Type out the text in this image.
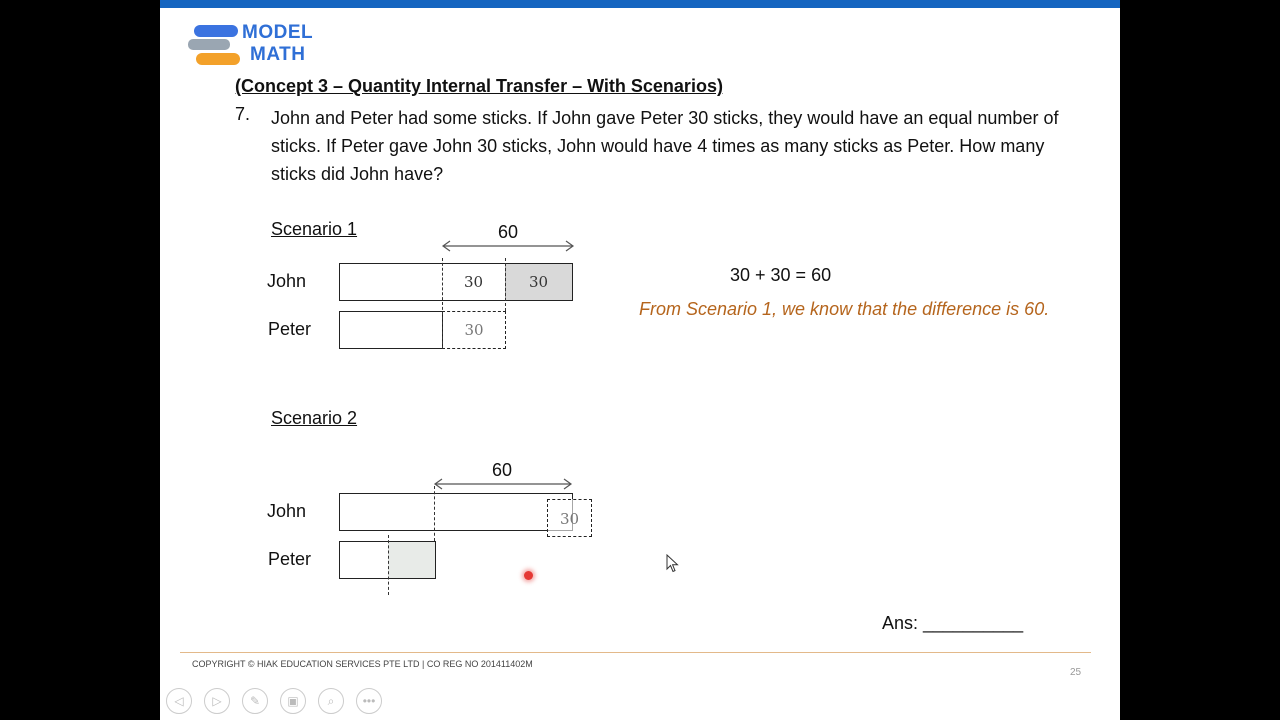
MODEL
MATH
(Concept 3 – Quantity Internal Transfer – With Scenarios)
7. John and Peter had some sticks. If John gave Peter 30 sticks, they would have an equal number of sticks. If Peter gave John 30 sticks, John would have 4 times as many sticks as Peter. How many sticks did John have?
Scenario 1	60
John	30	30
Peter	30
30 + 30 = 60
From Scenario 1, we know that the difference is 60.
Scenario 2
60
John	30
Peter
Ans: __________
COPYRIGHT © HIAK EDUCATION SERVICES PTE LTD | CO REG NO 201411402M
25
◁ ▷ ✎ ▣ ⌕ •••
